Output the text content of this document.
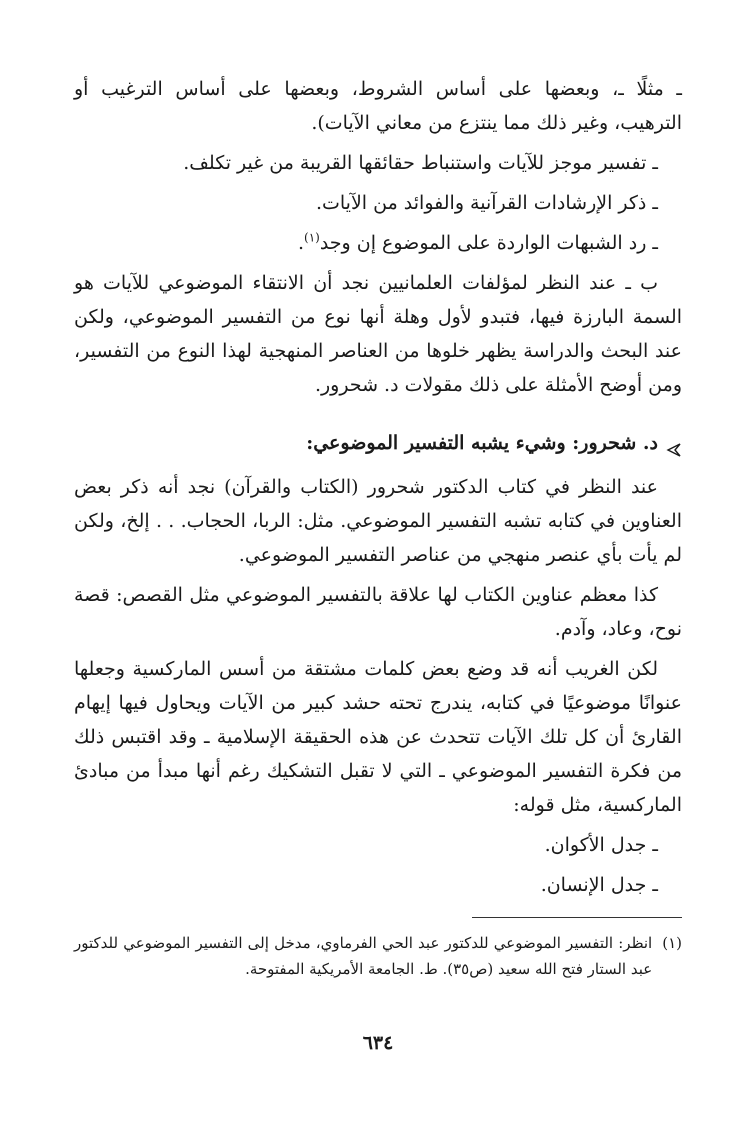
ـ مثلًا ـ، وبعضها على أساس الشروط، وبعضها على أساس الترغيب أو الترهيب، وغير ذلك مما ينتزع من معاني الآيات).

ـ تفسير موجز للآيات واستنباط حقائقها القريبة من غير تكلف.
ـ ذكر الإرشادات القرآنية والفوائد من الآيات.
ـ رد الشبهات الواردة على الموضوع إن وجد$^{(١)}$.

ب ـ عند النظر لمؤلفات العلمانيين نجد أن الانتقاء الموضوعي للآيات هو السمة البارزة فيها، فتبدو لأول وهلة أنها نوع من التفسير الموضوعي، ولكن عند البحث والدراسة يظهر خلوها من العناصر المنهجية لهذا النوع من التفسير، ومن أوضح الأمثلة على ذلك مقولات د. شحرور.

د. شحرور: وشيء يشبه التفسير الموضوعي:

عند النظر في كتاب الدكتور شحرور (الكتاب والقرآن) نجد أنه ذكر بعض العناوين في كتابه تشبه التفسير الموضوعي. مثل: الربا، الحجاب. . . إلخ، ولكن لم يأت بأي عنصر منهجي من عناصر التفسير الموضوعي.

كذا معظم عناوين الكتاب لها علاقة بالتفسير الموضوعي مثل القصص: قصة نوح، وعاد، وآدم.

لكن الغريب أنه قد وضع بعض كلمات مشتقة من أسس الماركسية وجعلها عنوانًا موضوعيًا في كتابه، يندرج تحته حشد كبير من الآيات ويحاول فيها إيهام القارئ أن كل تلك الآيات تتحدث عن هذه الحقيقة الإسلامية ـ وقد اقتبس ذلك من فكرة التفسير الموضوعي ـ التي لا تقبل التشكيك رغم أنها مبدأ من مبادئ الماركسية، مثل قوله:

ـ جدل الأكوان.
ـ جدل الإنسان.
(١)
انظر: التفسير الموضوعي للدكتور عبد الحي الفرماوي، مدخل إلى التفسير الموضوعي للدكتور عبد الستار فتح الله سعيد (ص٣٥). ط. الجامعة الأمريكية المفتوحة.
٦٣٤
